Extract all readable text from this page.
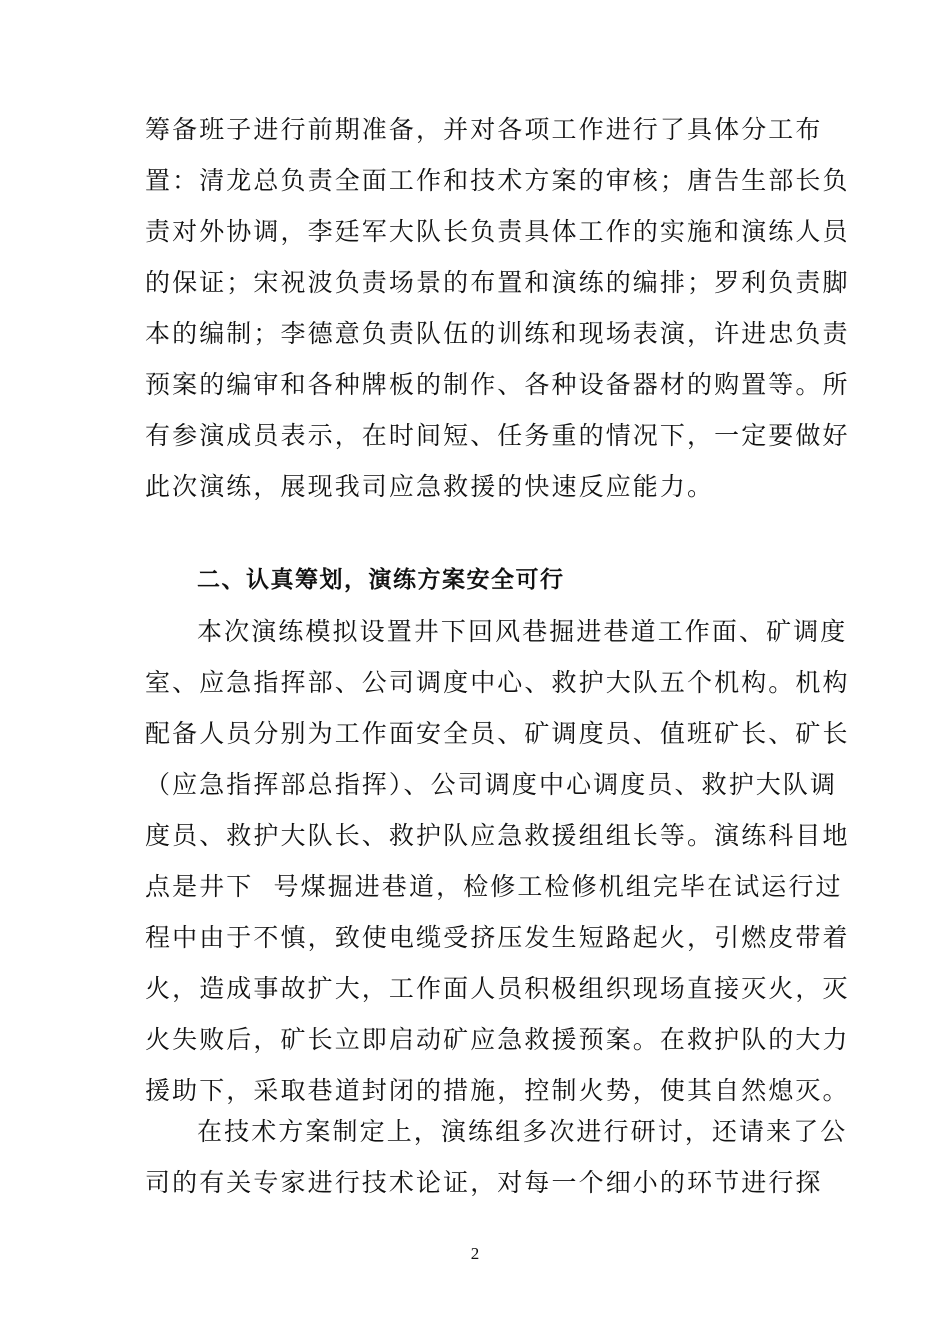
筹备班子进行前期准备，并对各项工作进行了具体分工布
置：清龙总负责全面工作和技术方案的审核；唐告生部长负
责对外协调，李廷军大队长负责具体工作的实施和演练人员
的保证；宋祝波负责场景的布置和演练的编排；罗利负责脚
本的编制；李德意负责队伍的训练和现场表演，许进忠负责
预案的编审和各种牌板的制作、各种设备器材的购置等。所
有参演成员表示，在时间短、任务重的情况下，一定要做好
此次演练，展现我司应急救援的快速反应能力。
二、认真筹划，演练方案安全可行
本次演练模拟设置井下回风巷掘进巷道工作面、矿调度
室、应急指挥部、公司调度中心、救护大队五个机构。机构
配备人员分别为工作面安全员、矿调度员、值班矿长、矿长
（应急指挥部总指挥）、公司调度中心调度员、救护大队调
度员、救护大队长、救护队应急救援组组长等。演练科目地
点是井下  号煤掘进巷道，检修工检修机组完毕在试运行过
程中由于不慎，致使电缆受挤压发生短路起火，引燃皮带着
火，造成事故扩大，工作面人员积极组织现场直接灭火，灭
火失败后，矿长立即启动矿应急救援预案。在救护队的大力
援助下，采取巷道封闭的措施，控制火势，使其自然熄灭。
在技术方案制定上，演练组多次进行研讨，还请来了公
司的有关专家进行技术论证，对每一个细小的环节进行探
2
